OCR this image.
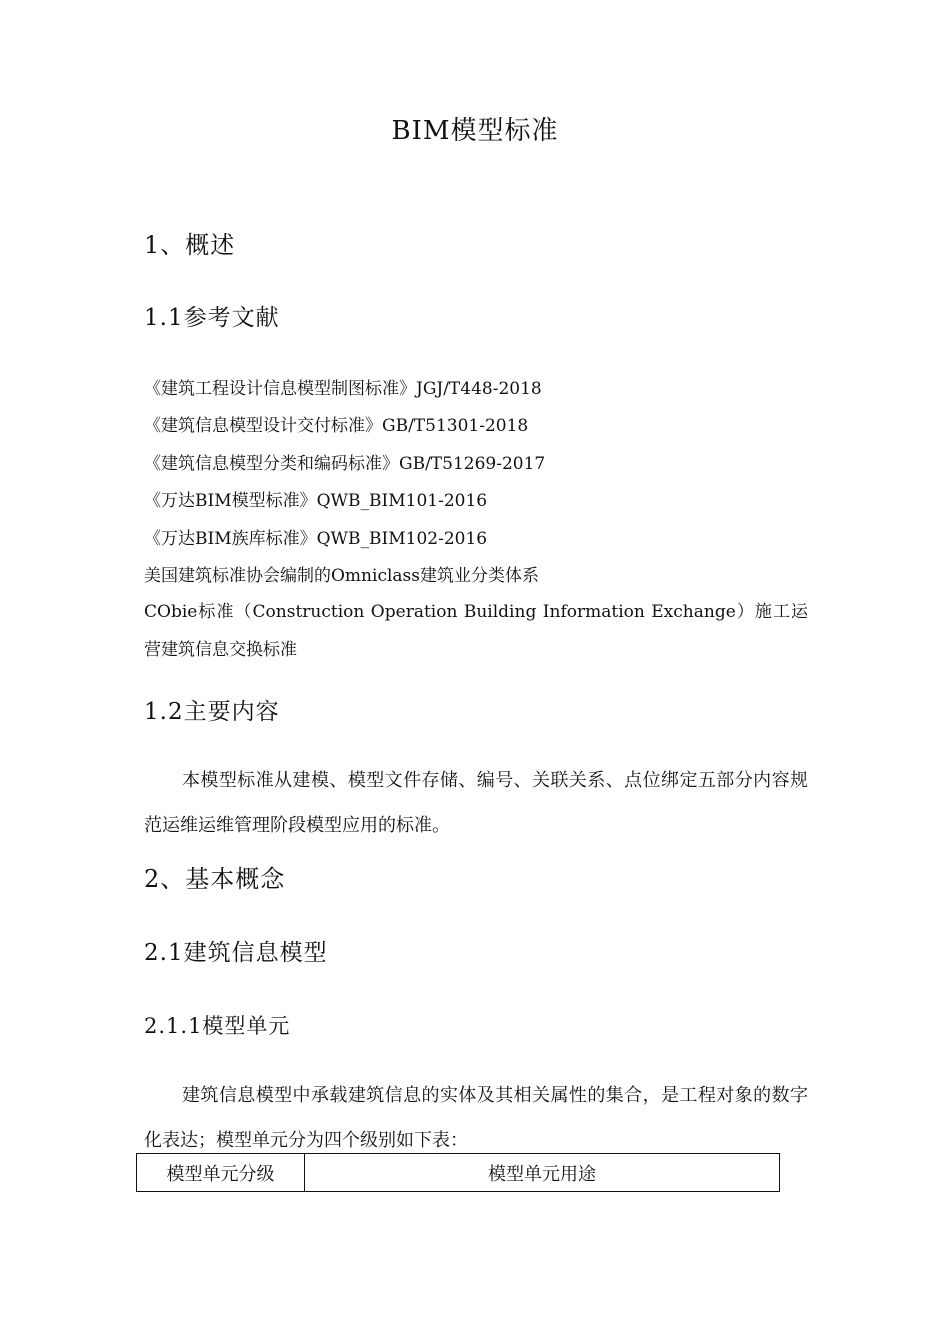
BIM模型标准
1、概述
1.1参考文献
《建筑工程设计信息模型制图标准》JGJ/T448-2018
《建筑信息模型设计交付标准》GB/T51301-2018
《建筑信息模型分类和编码标准》GB/T51269-2017
《万达BIM模型标准》QWB_BIM101-2016
《万达BIM族库标准》QWB_BIM102-2016
美国建筑标准协会编制的Omniclass建筑业分类体系
CObie标准（Construction Operation Building Information Exchange）施工运营建筑信息交换标准
1.2主要内容

本模型标准从建模、模型文件存储、编号、关联关系、点位绑定五部分内容规范运维运维管理阶段模型应用的标准。

2、基本概念
2.1建筑信息模型
2.1.1模型单元

建筑信息模型中承载建筑信息的实体及其相关属性的集合，是工程对象的数字化表达；模型单元分为四个级别如下表：

模型单元分级	模型单元用途
